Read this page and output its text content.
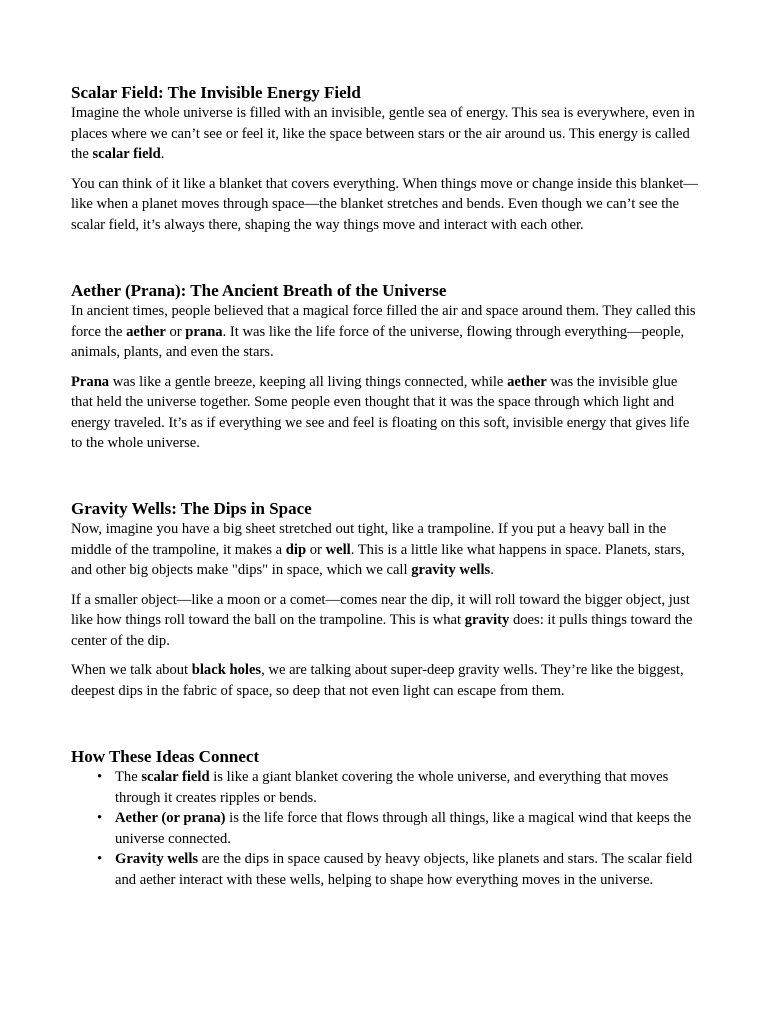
Scalar Field: The Invisible Energy Field

Imagine the whole universe is filled with an invisible, gentle sea of energy. This sea is everywhere, even in places where we can’t see or feel it, like the space between stars or the air around us. This energy is called the scalar field.

You can think of it like a blanket that covers everything. When things move or change inside this blanket—like when a planet moves through space—the blanket stretches and bends. Even though we can’t see the scalar field, it’s always there, shaping the way things move and interact with each other.

Aether (Prana): The Ancient Breath of the Universe

In ancient times, people believed that a magical force filled the air and space around them. They called this force the aether or prana. It was like the life force of the universe, flowing through everything—people, animals, plants, and even the stars.

Prana was like a gentle breeze, keeping all living things connected, while aether was the invisible glue that held the universe together. Some people even thought that it was the space through which light and energy traveled. It’s as if everything we see and feel is floating on this soft, invisible energy that gives life to the whole universe.

Gravity Wells: The Dips in Space

Now, imagine you have a big sheet stretched out tight, like a trampoline. If you put a heavy ball in the middle of the trampoline, it makes a dip or well. This is a little like what happens in space. Planets, stars, and other big objects make "dips" in space, which we call gravity wells.

If a smaller object—like a moon or a comet—comes near the dip, it will roll toward the bigger object, just like how things roll toward the ball on the trampoline. This is what gravity does: it pulls things toward the center of the dip.

When we talk about black holes, we are talking about super-deep gravity wells. They’re like the biggest, deepest dips in the fabric of space, so deep that not even light can escape from them.

How These Ideas Connect
• The scalar field is like a giant blanket covering the whole universe, and everything that moves through it creates ripples or bends.
• Aether (or prana) is the life force that flows through all things, like a magical wind that keeps the universe connected.
• Gravity wells are the dips in space caused by heavy objects, like planets and stars. The scalar field and aether interact with these wells, helping to shape how everything moves in the universe.
